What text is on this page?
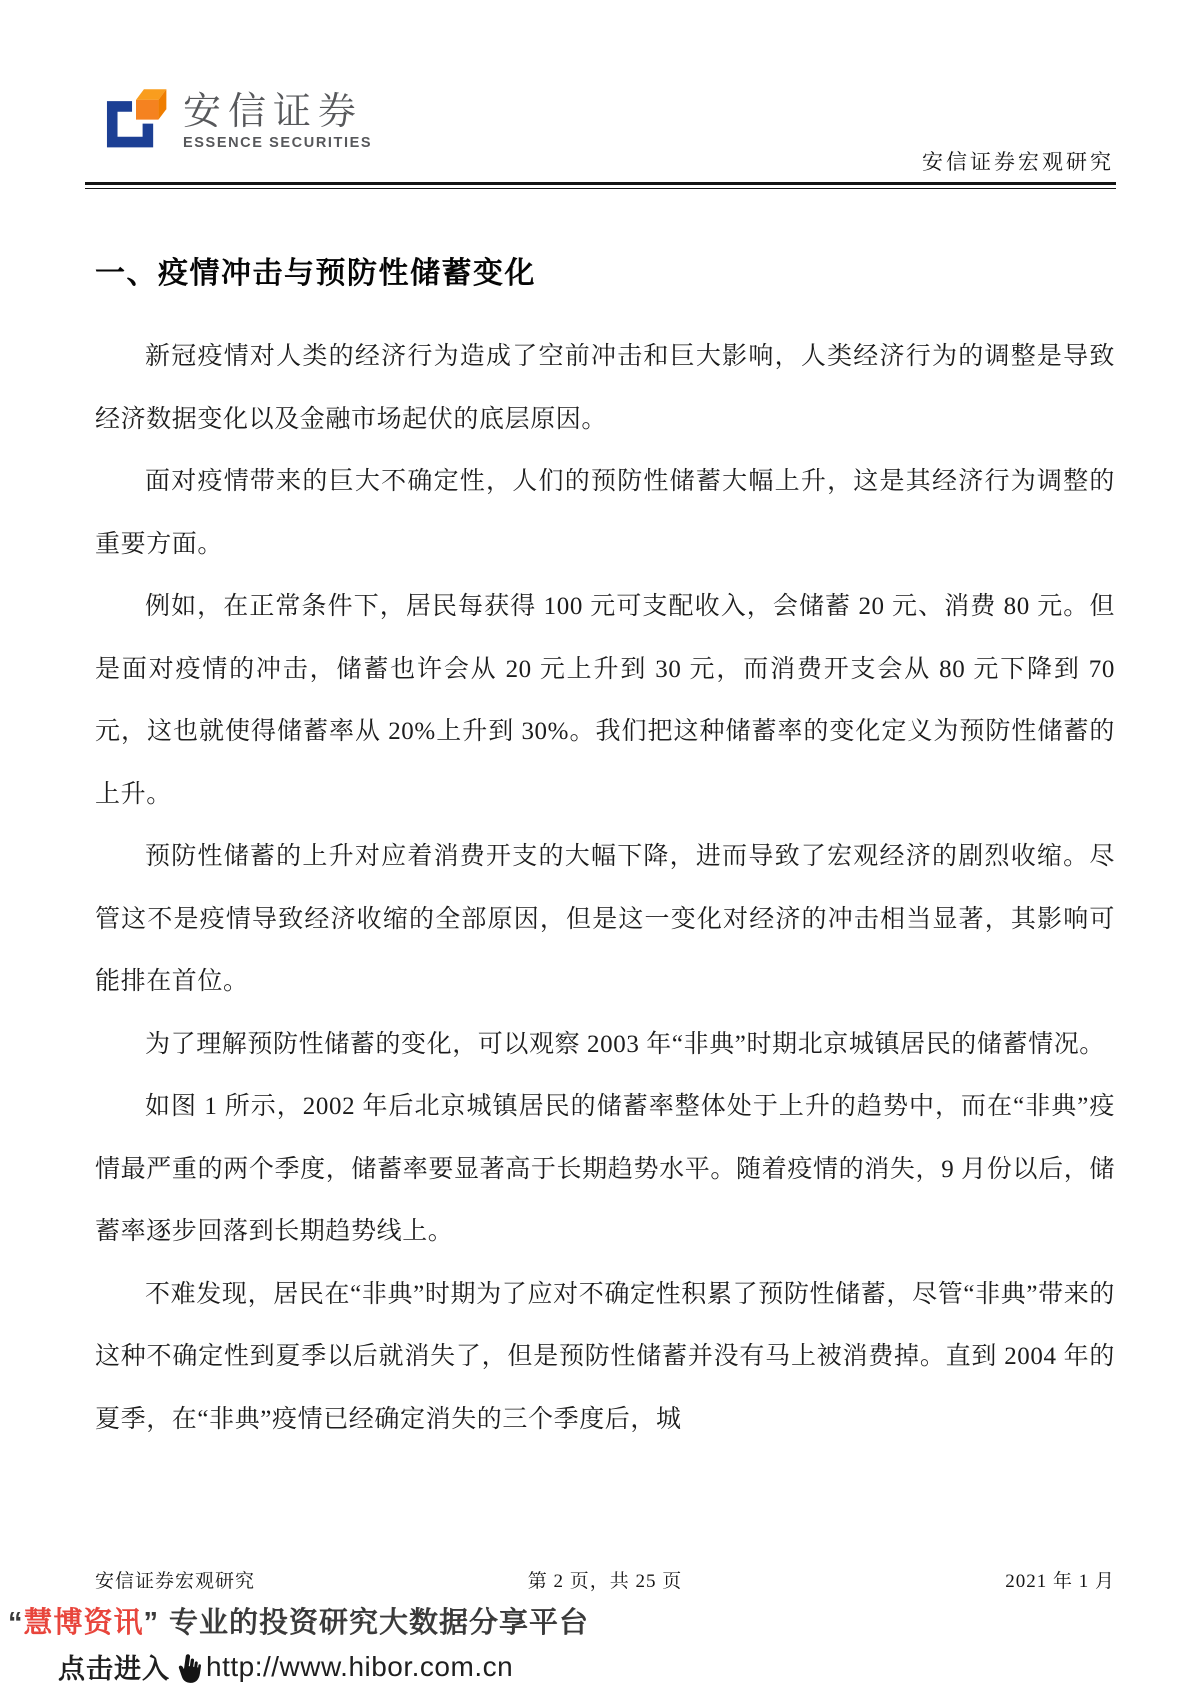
安信证券
ESSENCE SECURITIES
安信证券宏观研究
一、疫情冲击与预防性储蓄变化

新冠疫情对人类的经济行为造成了空前冲击和巨大影响，人类经济行为的调整是导致经济数据变化以及金融市场起伏的底层原因。

面对疫情带来的巨大不确定性，人们的预防性储蓄大幅上升，这是其经济行为调整的重要方面。

例如，在正常条件下，居民每获得 100 元可支配收入，会储蓄 20 元、消费 80 元。但是面对疫情的冲击，储蓄也许会从 20 元上升到 30 元，而消费开支会从 80 元下降到 70 元，这也就使得储蓄率从 20%上升到 30%。我们把这种储蓄率的变化定义为预防性储蓄的上升。

预防性储蓄的上升对应着消费开支的大幅下降，进而导致了宏观经济的剧烈收缩。尽管这不是疫情导致经济收缩的全部原因，但是这一变化对经济的冲击相当显著，其影响可能排在首位。

为了理解预防性储蓄的变化，可以观察 2003 年“非典”时期北京城镇居民的储蓄情况。

如图 1 所示，2002 年后北京城镇居民的储蓄率整体处于上升的趋势中，而在“非典”疫情最严重的两个季度，储蓄率要显著高于长期趋势水平。随着疫情的消失，9 月份以后，储蓄率逐步回落到长期趋势线上。

不难发现，居民在“非典”时期为了应对不确定性积累了预防性储蓄，尽管“非典”带来的这种不确定性到夏季以后就消失了，但是预防性储蓄并没有马上被消费掉。直到 2004 年的夏季，在“非典”疫情已经确定消失的三个季度后，城

安信证券宏观研究	第 2 页，共 25 页	2021 年 1 月
“ 慧博资讯 ” 专业的投资研究大数据分享平台
点击进入 http://www.hibor.com.cn
